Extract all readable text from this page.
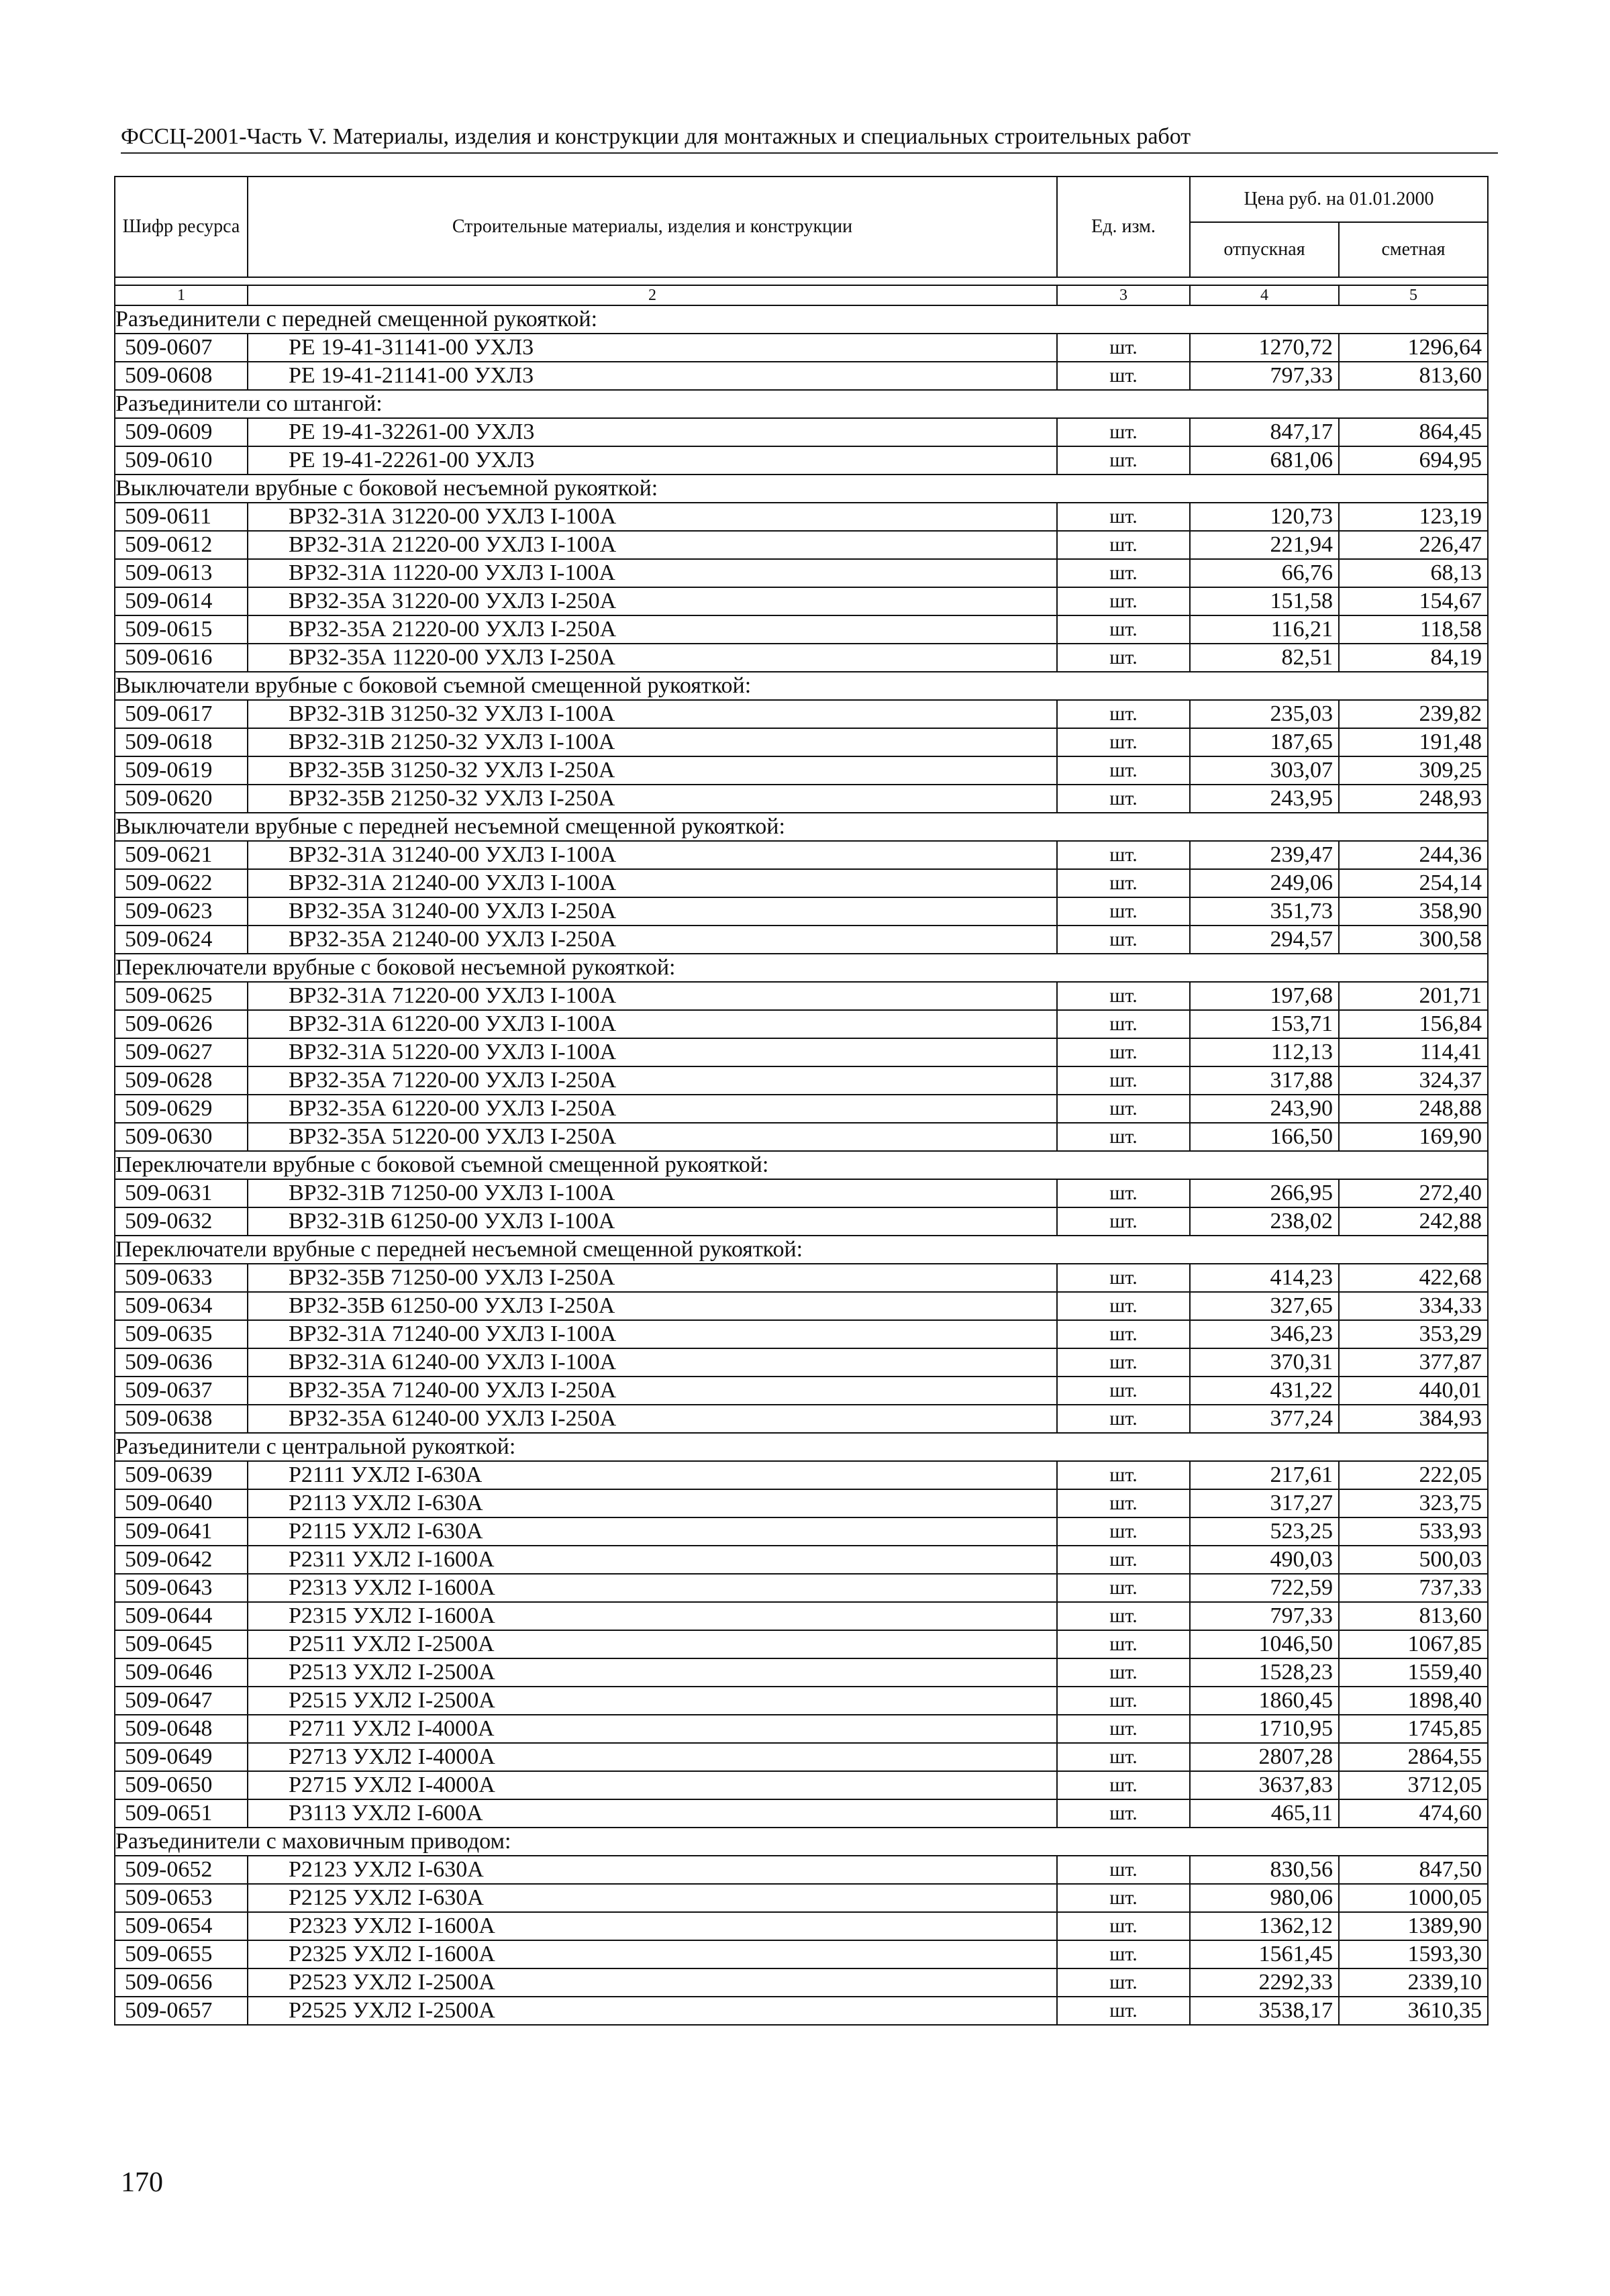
ФССЦ-2001-Часть V. Материалы, изделия и конструкции для монтажных и специальных строительных работ
Шифр ресурса	Строительные материалы, изделия и конструкции	Ед. изм.	Цена руб. на 01.01.2000	
			отпускная	сметная

1	2	3	4	5
Разъединители с передней смещенной рукояткой:				
509-0607	РЕ 19-41-31141-00 УХЛ3	шт.	1270,72	1296,64
509-0608	РЕ 19-41-21141-00 УХЛ3	шт.	797,33	813,60
Разъединители со штангой:				
509-0609	РЕ 19-41-32261-00 УХЛ3	шт.	847,17	864,45
509-0610	РЕ 19-41-22261-00 УХЛ3	шт.	681,06	694,95
Выключатели врубные с боковой несъемной рукояткой:				
509-0611	ВР32-31А 31220-00 УХЛ3 I-100А	шт.	120,73	123,19
509-0612	ВР32-31А 21220-00 УХЛ3 I-100А	шт.	221,94	226,47
509-0613	ВР32-31А 11220-00 УХЛ3 I-100А	шт.	66,76	68,13
509-0614	ВР32-35А 31220-00 УХЛ3 I-250А	шт.	151,58	154,67
509-0615	ВР32-35А 21220-00 УХЛ3 I-250А	шт.	116,21	118,58
509-0616	ВР32-35А 11220-00 УХЛ3 I-250А	шт.	82,51	84,19
Выключатели врубные с боковой съемной смещенной рукояткой:				
509-0617	ВР32-31В 31250-32 УХЛ3 I-100А	шт.	235,03	239,82
509-0618	ВР32-31В 21250-32 УХЛ3 I-100А	шт.	187,65	191,48
509-0619	ВР32-35В 31250-32 УХЛ3 I-250А	шт.	303,07	309,25
509-0620	ВР32-35В 21250-32 УХЛ3 I-250А	шт.	243,95	248,93
Выключатели врубные с передней несъемной смещенной рукояткой:				
509-0621	ВР32-31А 31240-00 УХЛ3 I-100А	шт.	239,47	244,36
509-0622	ВР32-31А 21240-00 УХЛ3 I-100А	шт.	249,06	254,14
509-0623	ВР32-35А 31240-00 УХЛ3 I-250А	шт.	351,73	358,90
509-0624	ВР32-35А 21240-00 УХЛ3 I-250А	шт.	294,57	300,58
Переключатели врубные с боковой несъемной рукояткой:				
509-0625	ВР32-31А 71220-00 УХЛ3 I-100А	шт.	197,68	201,71
509-0626	ВР32-31А 61220-00 УХЛ3 I-100А	шт.	153,71	156,84
509-0627	ВР32-31А 51220-00 УХЛ3 I-100А	шт.	112,13	114,41
509-0628	ВР32-35А 71220-00 УХЛ3 I-250А	шт.	317,88	324,37
509-0629	ВР32-35А 61220-00 УХЛ3 I-250А	шт.	243,90	248,88
509-0630	ВР32-35А 51220-00 УХЛ3 I-250А	шт.	166,50	169,90
Переключатели врубные с боковой съемной смещенной рукояткой:				
509-0631	ВР32-31В 71250-00 УХЛ3 I-100А	шт.	266,95	272,40
509-0632	ВР32-31В 61250-00 УХЛ3 I-100А	шт.	238,02	242,88
Переключатели врубные с передней несъемной смещенной рукояткой:				
509-0633	ВР32-35В 71250-00 УХЛ3 I-250А	шт.	414,23	422,68
509-0634	ВР32-35В 61250-00 УХЛ3 I-250А	шт.	327,65	334,33
509-0635	ВР32-31А 71240-00 УХЛ3 I-100А	шт.	346,23	353,29
509-0636	ВР32-31А 61240-00 УХЛ3 I-100А	шт.	370,31	377,87
509-0637	ВР32-35А 71240-00 УХЛ3 I-250А	шт.	431,22	440,01
509-0638	ВР32-35А 61240-00 УХЛ3 I-250А	шт.	377,24	384,93
Разъединители с центральной рукояткой:				
509-0639	Р2111 УХЛ2 I-630А	шт.	217,61	222,05
509-0640	Р2113 УХЛ2 I-630А	шт.	317,27	323,75
509-0641	Р2115 УХЛ2 I-630А	шт.	523,25	533,93
509-0642	Р2311 УХЛ2 I-1600А	шт.	490,03	500,03
509-0643	Р2313 УХЛ2 I-1600А	шт.	722,59	737,33
509-0644	Р2315 УХЛ2 I-1600А	шт.	797,33	813,60
509-0645	Р2511 УХЛ2 I-2500А	шт.	1046,50	1067,85
509-0646	Р2513 УХЛ2 I-2500А	шт.	1528,23	1559,40
509-0647	Р2515 УХЛ2 I-2500А	шт.	1860,45	1898,40
509-0648	Р2711 УХЛ2 I-4000А	шт.	1710,95	1745,85
509-0649	Р2713 УХЛ2 I-4000А	шт.	2807,28	2864,55
509-0650	Р2715 УХЛ2 I-4000А	шт.	3637,83	3712,05
509-0651	Р3113 УХЛ2 I-600А	шт.	465,11	474,60
Разъединители с маховичным приводом:				
509-0652	Р2123 УХЛ2 I-630А	шт.	830,56	847,50
509-0653	Р2125 УХЛ2 I-630А	шт.	980,06	1000,05
509-0654	Р2323 УХЛ2 I-1600А	шт.	1362,12	1389,90
509-0655	Р2325 УХЛ2 I-1600А	шт.	1561,45	1593,30
509-0656	Р2523 УХЛ2 I-2500А	шт.	2292,33	2339,10
509-0657	Р2525 УХЛ2 I-2500А	шт.	3538,17	3610,35
170
